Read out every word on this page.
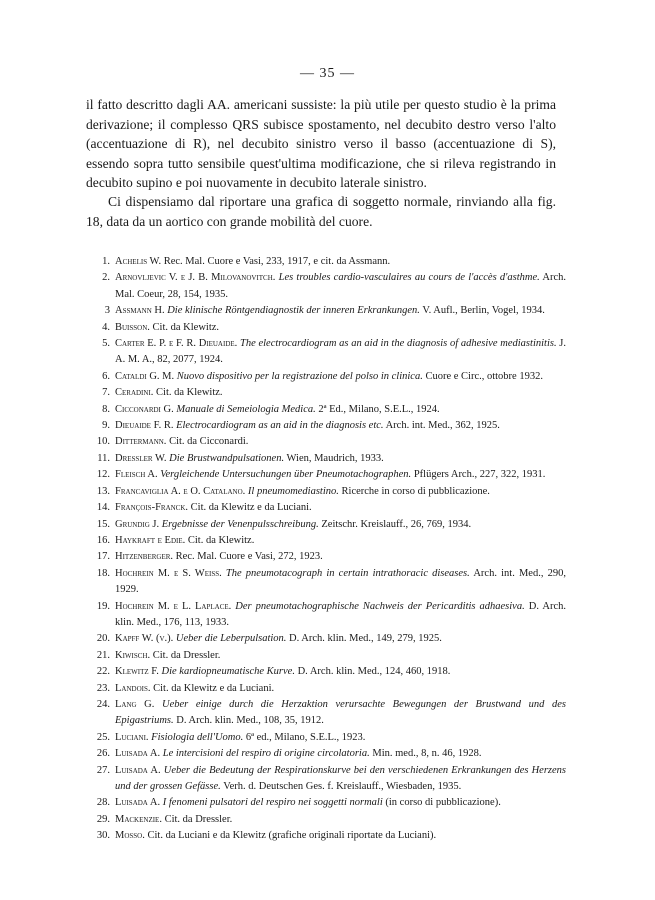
— 35 —

il fatto descritto dagli AA. americani sussiste: la più utile per questo studio è la prima derivazione; il complesso QRS subisce spostamento, nel decubito destro verso l'alto (accentuazione di R), nel decubito sinistro verso il basso (accentuazione di S), essendo sopra tutto sensibile quest'ultima modificazione, che si rileva registrando in decubito supino e poi nuovamente in decubito laterale sinistro.

Ci dispensiamo dal riportare una grafica di soggetto normale, rinviando alla fig. 18, data da un aortico con grande mobilità del cuore.

1. Achelis W. Rec. Mal. Cuore e Vasi, 233, 1917, e cit. da Assmann.
2. Arnovljevic V. e J. B. Milovanovitch. Les troubles cardio-vasculaires au cours de l'accès d'asthme. Arch. Mal. Coeur, 28, 154, 1935.
3 Assmann H. Die klinische Röntgendiagnostik der inneren Erkrankungen. V. Aufl., Berlin, Vogel, 1934.
4. Buisson. Cit. da Klewitz.
5. Carter E. P. e F. R. Dieuaide. The electrocardiogram as an aid in the diagnosis of adhesive mediastinitis. J. A. M. A., 82, 2077, 1924.
6. Cataldi G. M. Nuovo dispositivo per la registrazione del polso in clinica. Cuore e Circ., ottobre 1932.
7. Ceradini. Cit. da Klewitz.
8. Cicconardi G. Manuale di Semeiologia Medica. 2ª Ed., Milano, S.E.L., 1924.
9. Dieuaide F. R. Electrocardiogram as an aid in the diagnosis etc. Arch. int. Med., 362, 1925.
10. Dittermann. Cit. da Cicconardi.
11. Dressler W. Die Brustwandpulsationen. Wien, Maudrich, 1933.
12. Fleisch A. Vergleichende Untersuchungen über Pneumotachographen. Pflügers Arch., 227, 322, 1931.
13. Francaviglia A. e O. Catalano. Il pneumomediastino. Ricerche in corso di pubblicazione.
14. François-Franck. Cit. da Klewitz e da Luciani.
15. Grundig J. Ergebnisse der Venenpulsschreibung. Zeitschr. Kreislauff., 26, 769, 1934.
16. Haykraft e Edie. Cit. da Klewitz.
17. Hitzenberger. Rec. Mal. Cuore e Vasi, 272, 1923.
18. Hochrein M. e S. Weiss. The pneumotacograph in certain intrathoracic diseases. Arch. int. Med., 290, 1929.
19. Hochrein M. e L. Laplace. Der pneumotachographische Nachweis der Pericarditis adhaesiva. D. Arch. klin. Med., 176, 113, 1933.
20. Kapff W. (v.). Ueber die Leberpulsation. D. Arch. klin. Med., 149, 279, 1925.
21. Kiwisch. Cit. da Dressler.
22. Klewitz F. Die kardiopneumatische Kurve. D. Arch. klin. Med., 124, 460, 1918.
23. Landois. Cit. da Klewitz e da Luciani.
24. Lang G. Ueber einige durch die Herzaktion verursachte Bewegungen der Brustwand und des Epigastriums. D. Arch. klin. Med., 108, 35, 1912.
25. Luciani. Fisiologia dell'Uomo. 6ª ed., Milano, S.E.L., 1923.
26. Luisada A. Le intercisioni del respiro di origine circolatoria. Min. med., 8, n. 46, 1928.
27. Luisada A. Ueber die Bedeutung der Respirationskurve bei den verschiedenen Erkrankungen des Herzens und der grossen Gefässe. Verh. d. Deutschen Ges. f. Kreislauff., Wiesbaden, 1935.
28. Luisada A. I fenomeni pulsatori del respiro nei soggetti normali (in corso di pubblicazione).
29. Mackenzie. Cit. da Dressler.
30. Mosso. Cit. da Luciani e da Klewitz (grafiche originali riportate da Luciani).
